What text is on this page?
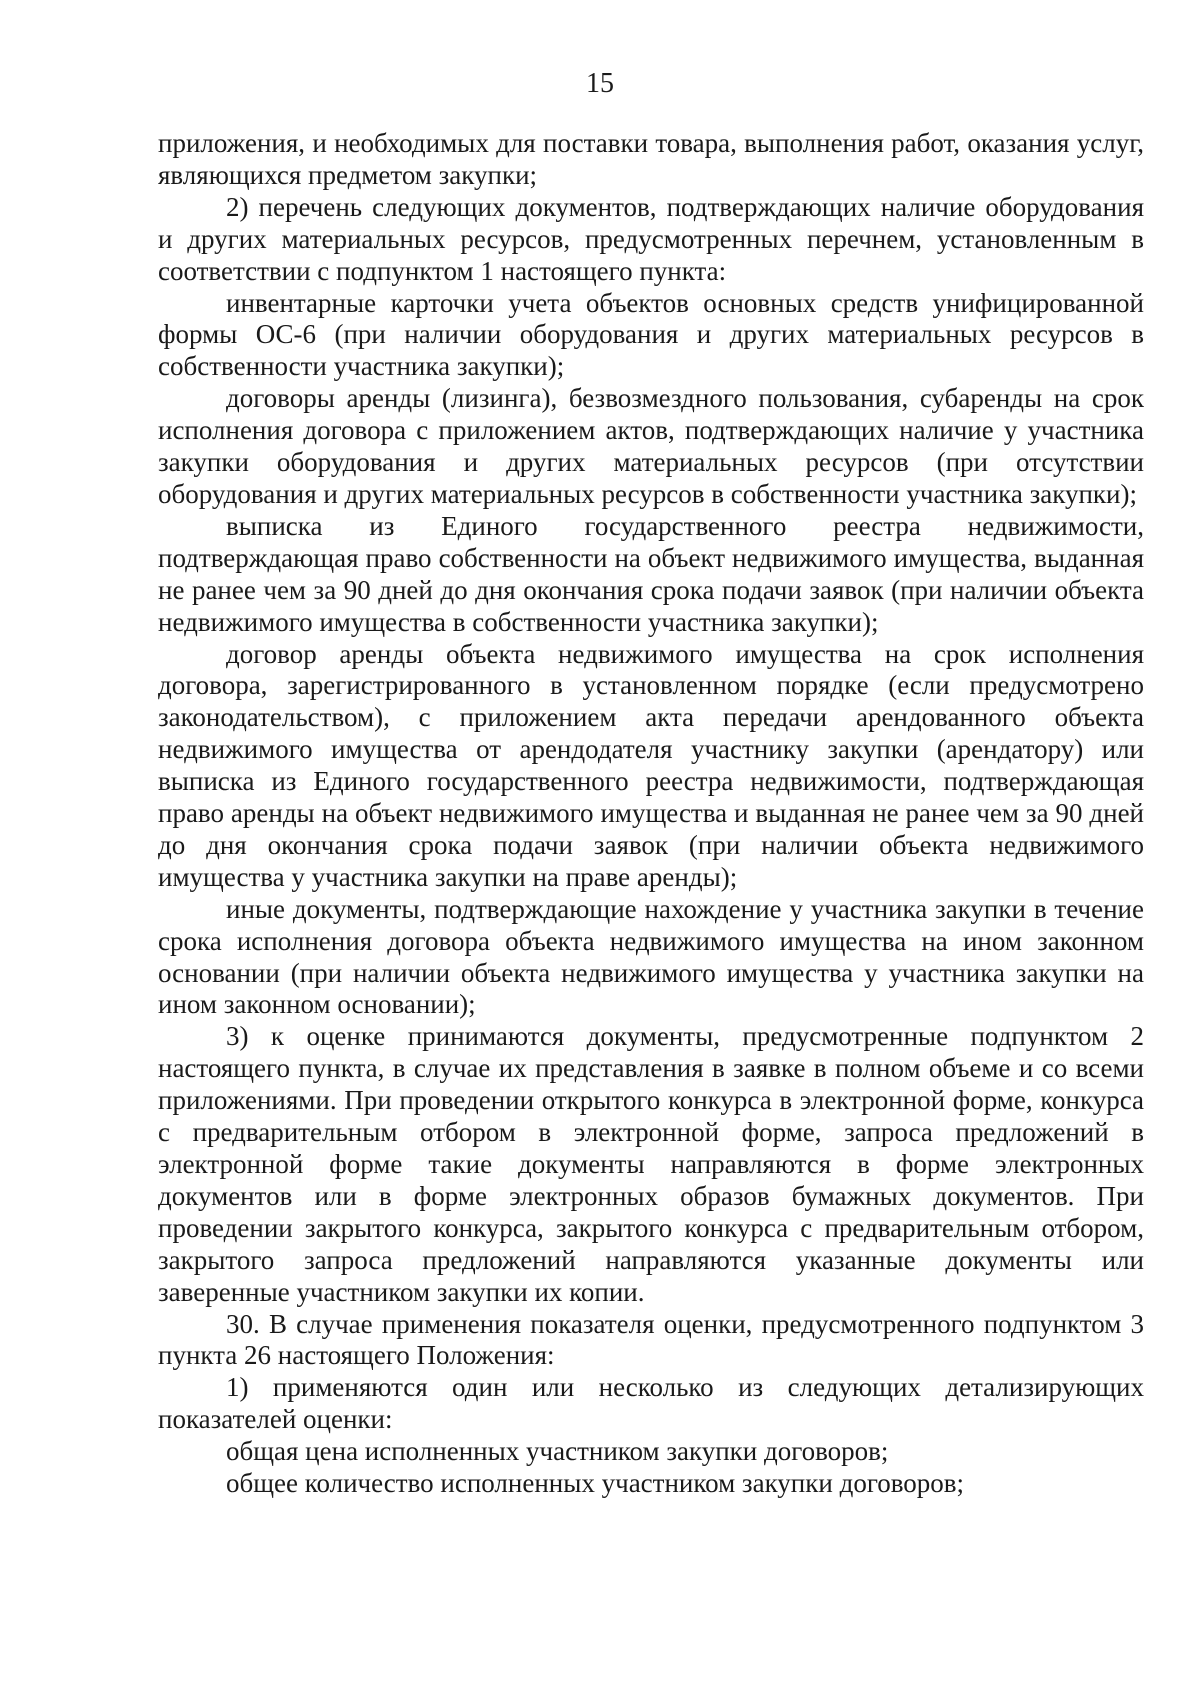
15

приложения, и необходимых для поставки товара, выполнения работ, оказания услуг, являющихся предметом закупки;

2) перечень следующих документов, подтверждающих наличие оборудования и других материальных ресурсов, предусмотренных перечнем, установленным в соответствии с подпунктом 1 настоящего пункта:

инвентарные карточки учета объектов основных средств унифицированной формы ОС-6 (при наличии оборудования и других материальных ресурсов в собственности участника закупки);

договоры аренды (лизинга), безвозмездного пользования, субаренды на срок исполнения договора с приложением актов, подтверждающих наличие у участника закупки оборудования и других материальных ресурсов (при отсутствии оборудования и других материальных ресурсов в собственности участника закупки);

выписка из Единого государственного реестра недвижимости, подтверждающая право собственности на объект недвижимого имущества, выданная не ранее чем за 90 дней до дня окончания срока подачи заявок (при наличии объекта недвижимого имущества в собственности участника закупки);

договор аренды объекта недвижимого имущества на срок исполнения договора, зарегистрированного в установленном порядке (если предусмотрено законодательством), с приложением акта передачи арендованного объекта недвижимого имущества от арендодателя участнику закупки (арендатору) или выписка из Единого государственного реестра недвижимости, подтверждающая право аренды на объект недвижимого имущества и выданная не ранее чем за 90 дней до дня окончания срока подачи заявок (при наличии объекта недвижимого имущества у участника закупки на праве аренды);

иные документы, подтверждающие нахождение у участника закупки в течение срока исполнения договора объекта недвижимого имущества на ином законном основании (при наличии объекта недвижимого имущества у участника закупки на ином законном основании);

3) к оценке принимаются документы, предусмотренные подпунктом 2 настоящего пункта, в случае их представления в заявке в полном объеме и со всеми приложениями. При проведении открытого конкурса в электронной форме, конкурса с предварительным отбором в электронной форме, запроса предложений в электронной форме такие документы направляются в форме электронных документов или в форме электронных образов бумажных документов. При проведении закрытого конкурса, закрытого конкурса с предварительным отбором, закрытого запроса предложений направляются указанные документы или заверенные участником закупки их копии.

30. В случае применения показателя оценки, предусмотренного подпунктом 3 пункта 26 настоящего Положения:

1) применяются один или несколько из следующих детализирующих показателей оценки:

общая цена исполненных участником закупки договоров;

общее количество исполненных участником закупки договоров;
